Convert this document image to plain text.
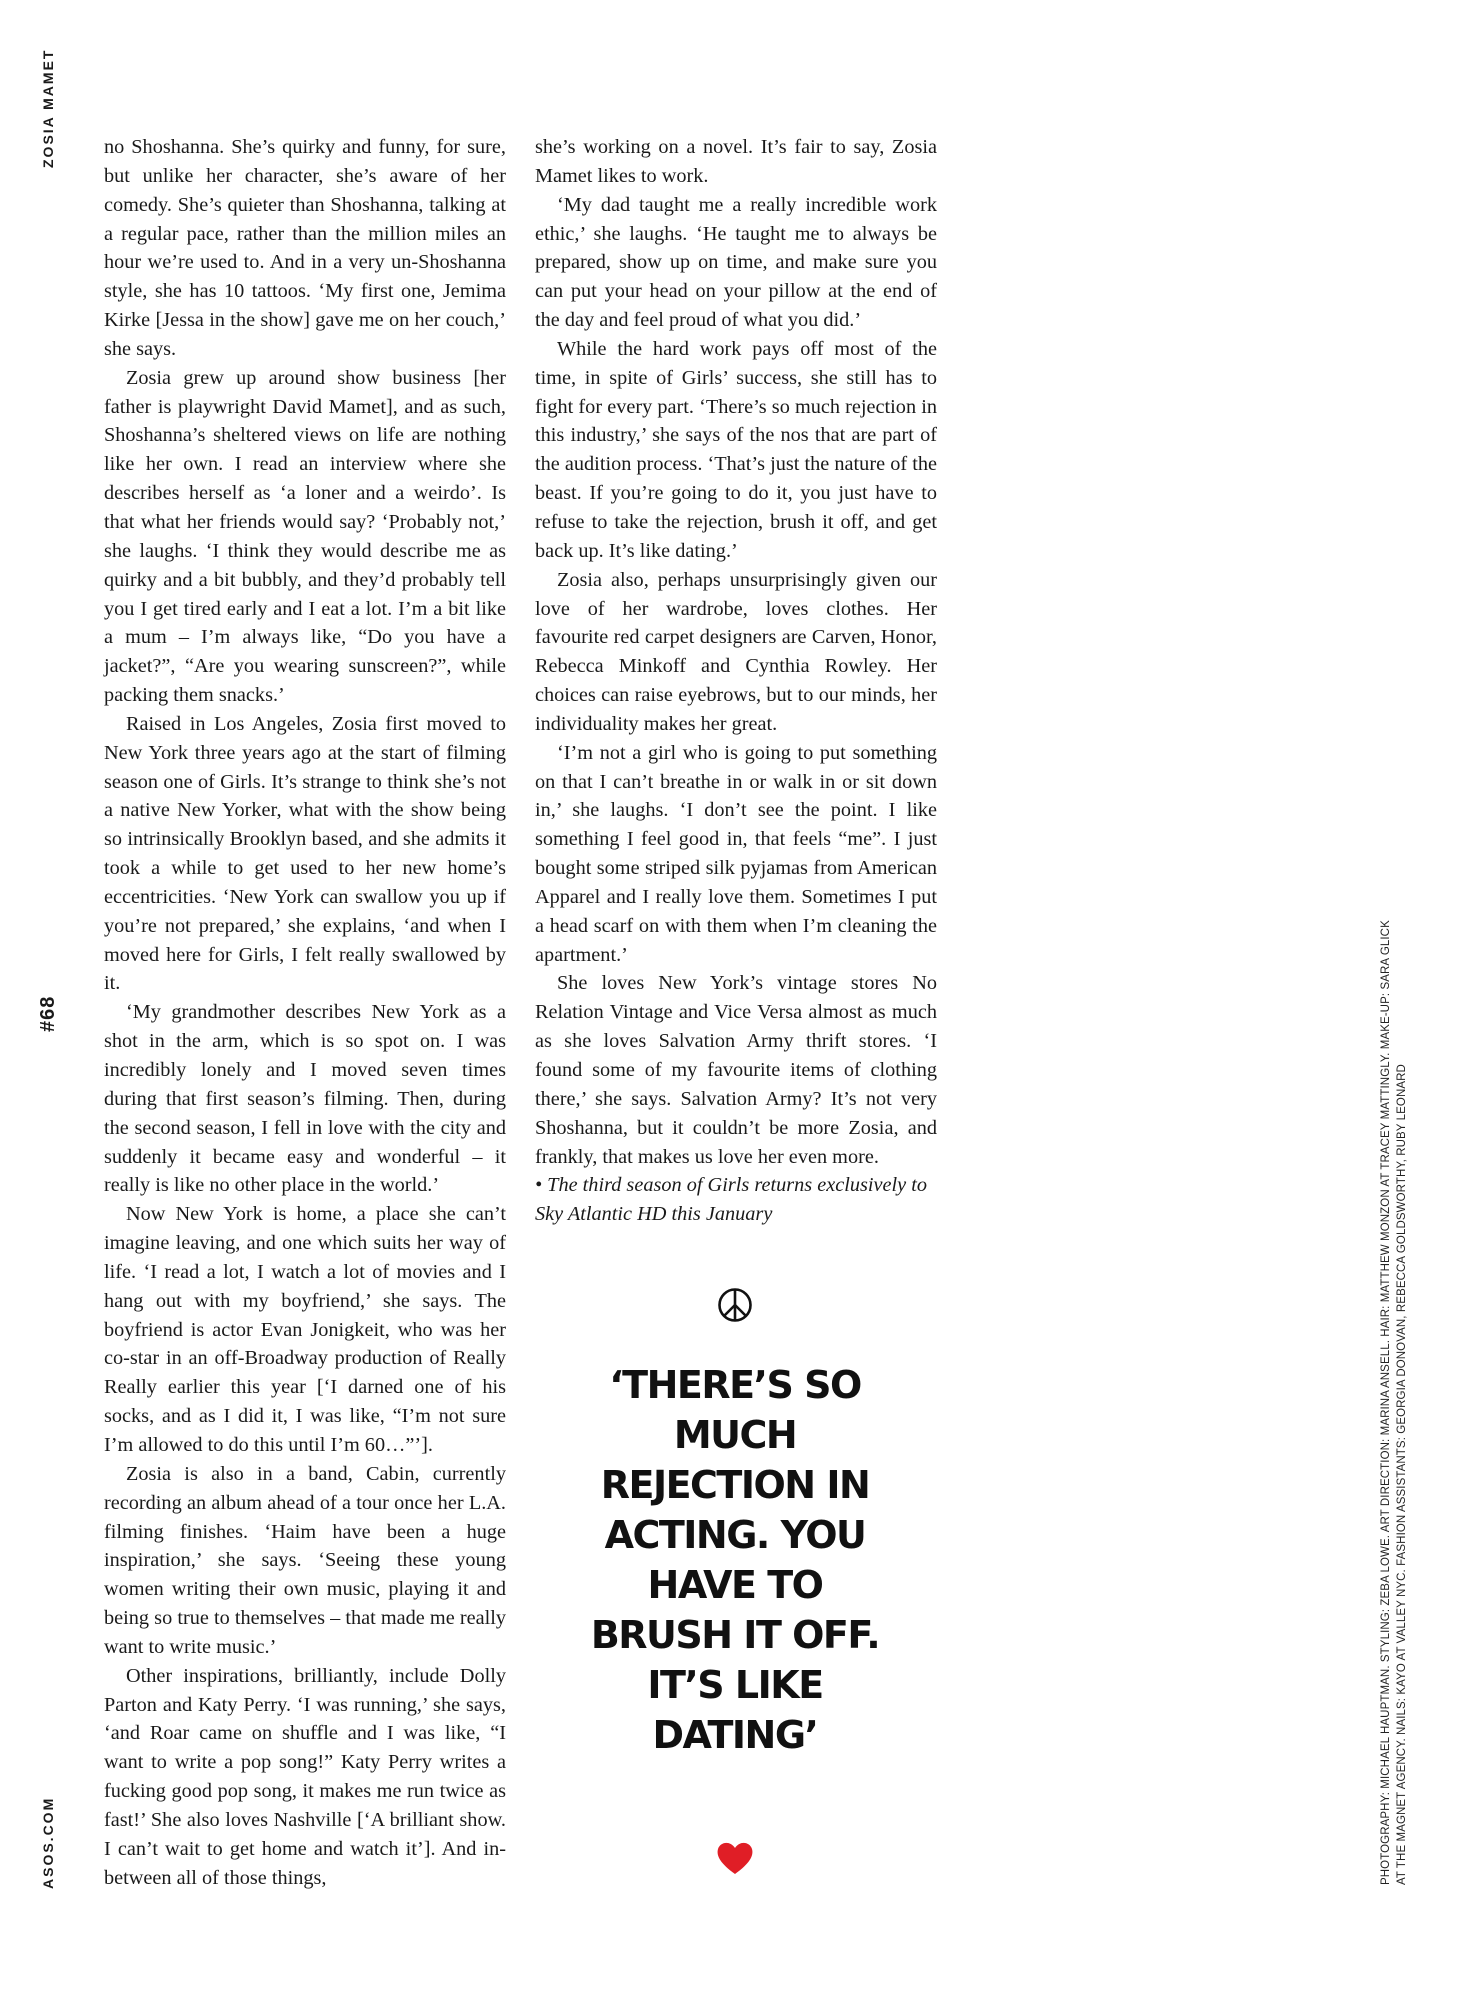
ZOSIA MAMET
#68
ASOS.COM

no Shoshanna. She’s quirky and funny, for sure, but unlike her character, she’s aware of her comedy. She’s quieter than Shoshanna, talking at a regular pace, rather than the million miles an hour we’re used to. And in a very un-Shoshanna style, she has 10 tattoos. ‘My first one, Jemima Kirke [Jessa in the show] gave me on her couch,’ she says.

Zosia grew up around show business [her father is playwright David Mamet], and as such, Shoshanna’s sheltered views on life are nothing like her own. I read an interview where she describes herself as ‘a loner and a weirdo’. Is that what her friends would say? ‘Probably not,’ she laughs. ‘I think they would describe me as quirky and a bit bubbly, and they’d probably tell you I get tired early and I eat a lot. I’m a bit like a mum – I’m always like, “Do you have a jacket?”, “Are you wearing sunscreen?”, while packing them snacks.’

Raised in Los Angeles, Zosia first moved to New York three years ago at the start of filming season one of Girls. It’s strange to think she’s not a native New Yorker, what with the show being so intrinsically Brooklyn based, and she admits it took a while to get used to her new home’s eccentricities. ‘New York can swallow you up if you’re not prepared,’ she explains, ‘and when I moved here for Girls, I felt really swallowed by it.

‘My grandmother describes New York as a shot in the arm, which is so spot on. I was incredibly lonely and I moved seven times during that first season’s filming. Then, during the second season, I fell in love with the city and suddenly it became easy and wonderful – it really is like no other place in the world.’

Now New York is home, a place she can’t imagine leaving, and one which suits her way of life. ‘I read a lot, I watch a lot of movies and I hang out with my boyfriend,’ she says. The boyfriend is actor Evan Jonigkeit, who was her co-star in an off-Broadway production of Really Really earlier this year [‘I darned one of his socks, and as I did it, I was like, “I’m not sure I’m allowed to do this until I’m 60…”’].

Zosia is also in a band, Cabin, currently recording an album ahead of a tour once her L.A. filming finishes. ‘Haim have been a huge inspiration,’ she says. ‘Seeing these young women writing their own music, playing it and being so true to themselves – that made me really want to write music.’

Other inspirations, brilliantly, include Dolly Parton and Katy Perry. ‘I was running,’ she says, ‘and Roar came on shuffle and I was like, “I want to write a pop song!” Katy Perry writes a fucking good pop song, it makes me run twice as fast!’ She also loves Nashville [‘A brilliant show. I can’t wait to get home and watch it’]. And in-between all of those things,

she’s working on a novel. It’s fair to say, Zosia Mamet likes to work.

‘My dad taught me a really incredible work ethic,’ she laughs. ‘He taught me to always be prepared, show up on time, and make sure you can put your head on your pillow at the end of the day and feel proud of what you did.’

While the hard work pays off most of the time, in spite of Girls’ success, she still has to fight for every part. ‘There’s so much rejection in this industry,’ she says of the nos that are part of the audition process. ‘That’s just the nature of the beast. If you’re going to do it, you just have to refuse to take the rejection, brush it off, and get back up. It’s like dating.’

Zosia also, perhaps unsurprisingly given our love of her wardrobe, loves clothes. Her favourite red carpet designers are Carven, Honor, Rebecca Minkoff and Cynthia Rowley. Her choices can raise eyebrows, but to our minds, her individuality makes her great.

‘I’m not a girl who is going to put something on that I can’t breathe in or walk in or sit down in,’ she laughs. ‘I don’t see the point. I like something I feel good in, that feels “me”. I just bought some striped silk pyjamas from American Apparel and I really love them. Sometimes I put a head scarf on with them when I’m cleaning the apartment.’

She loves New York’s vintage stores No Relation Vintage and Vice Versa almost as much as she loves Salvation Army thrift stores. ‘I found some of my favourite items of clothing there,’ she says. Salvation Army? It’s not very Shoshanna, but it couldn’t be more Zosia, and frankly, that makes us love her even more.

• The third season of Girls returns exclusively to Sky Atlantic HD this January

‘THERE’S SO MUCH REJECTION IN ACTING. YOU HAVE TO BRUSH IT OFF. IT’S LIKE DATING’	PHOTOGRAPHY: MICHAEL HAUPTMAN. STYLING: ZEBA LOWE. ART DIRECTION: MARINA ANSELL. HAIR: MATTHEW MONZON AT TRACEY MATTINGLY. MAKE-UP: SARA GLICK AT THE MAGNET AGENCY. NAILS: KAYO AT VALLEY NYC. FASHION ASSISTANTS: GEORGIA DONOVAN, REBECCA GOLDSWORTHY, RUBY LEONARD
